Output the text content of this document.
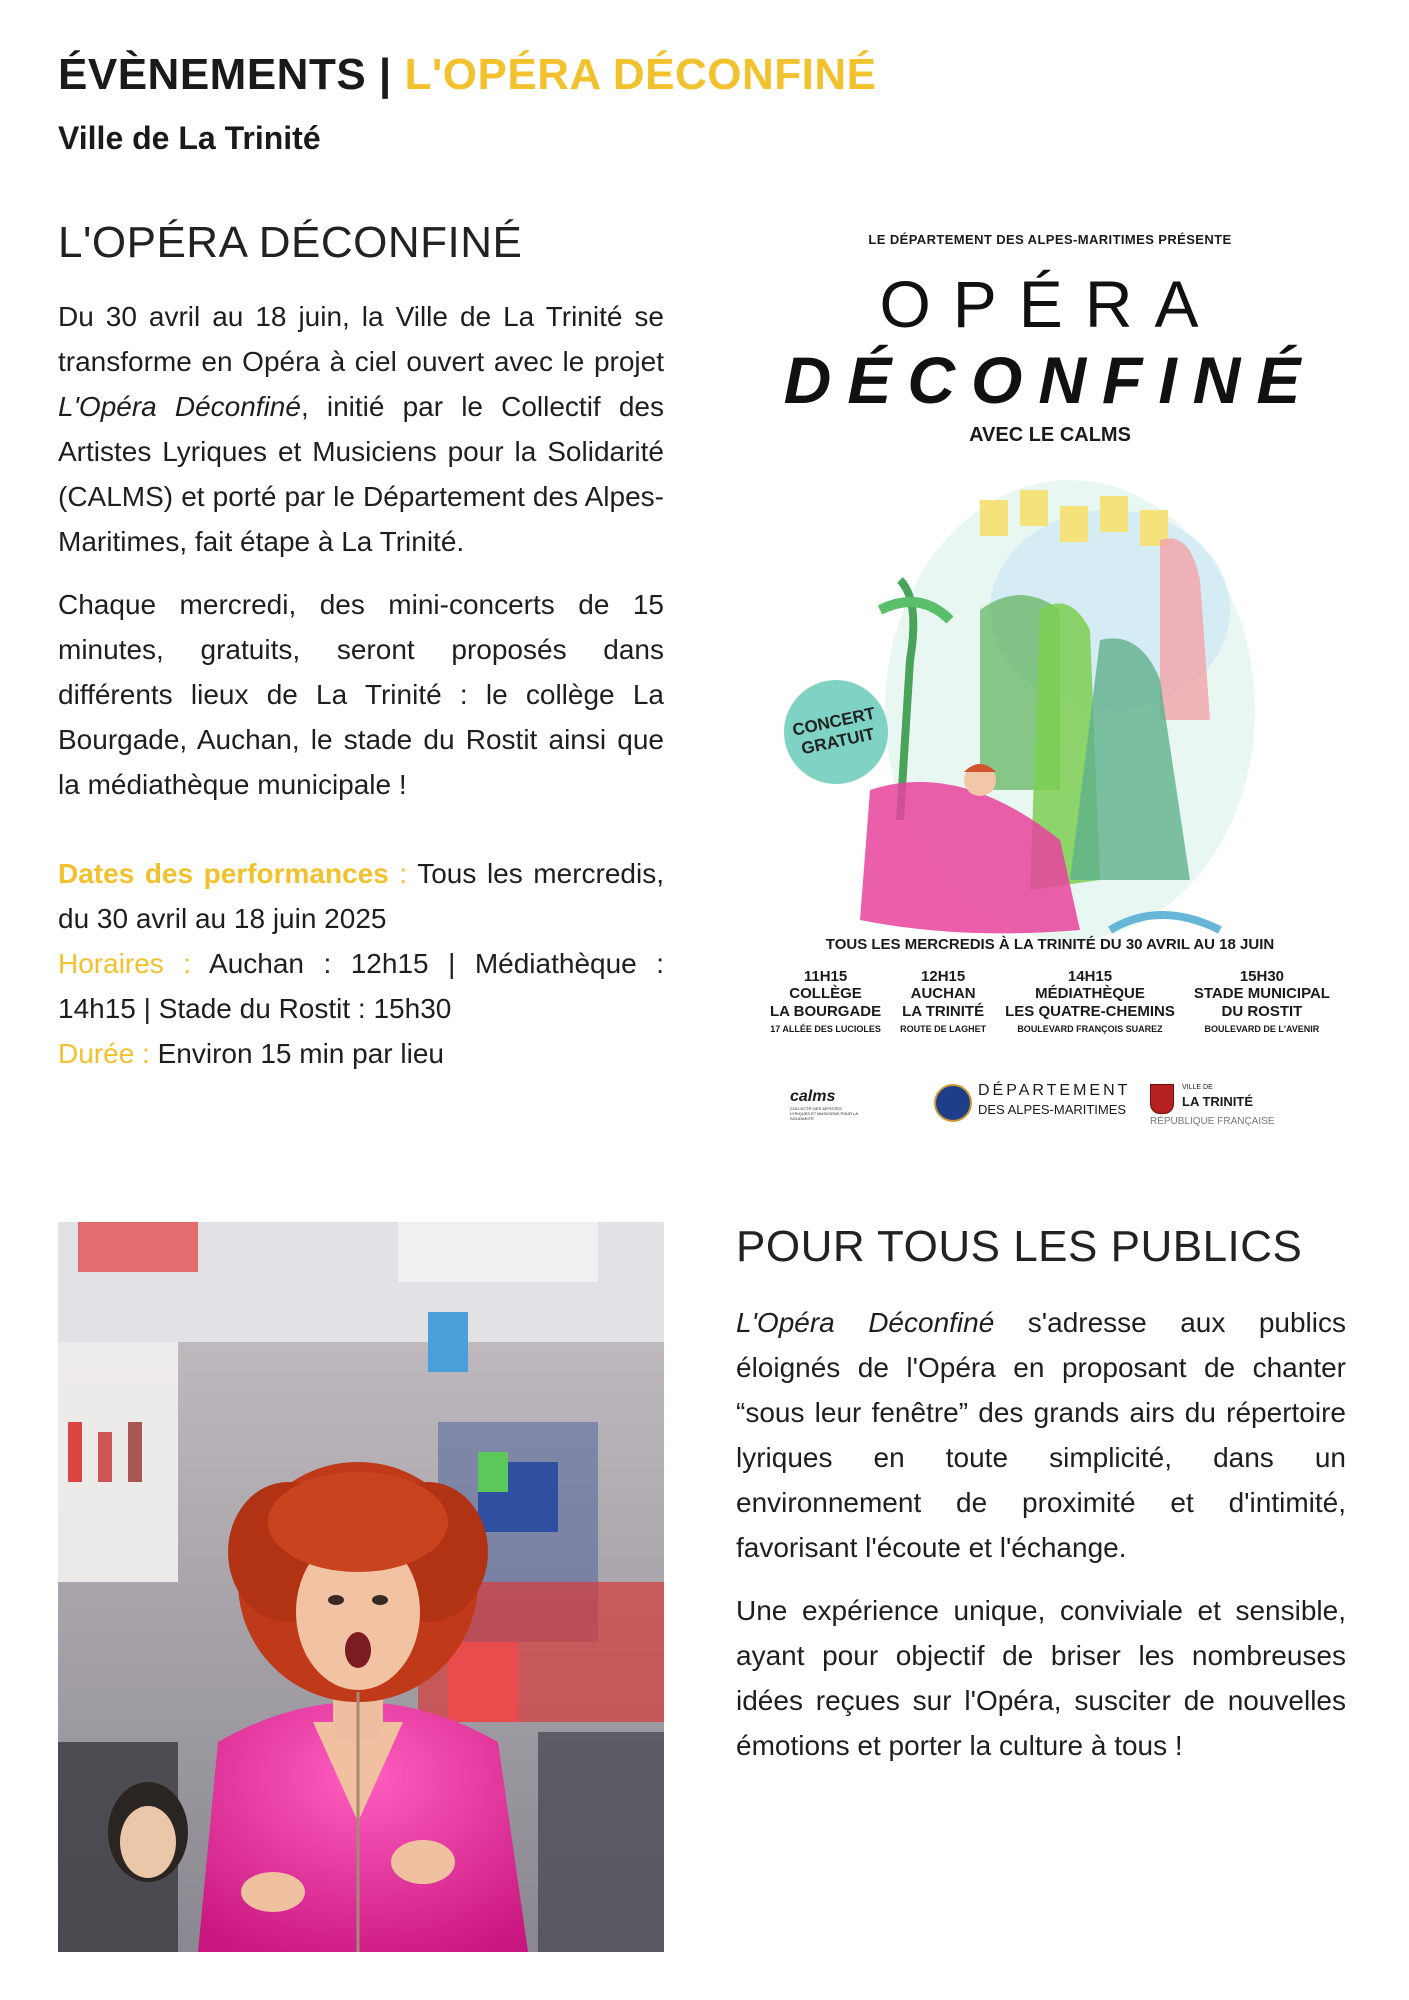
ÉVÈNEMENTS | L'OPÉRA DÉCONFINÉ
Ville de La Trinité
L'OPÉRA DÉCONFINÉ

Du 30 avril au 18 juin, la Ville de La Trinité se transforme en Opéra à ciel ouvert avec le projet L'Opéra Déconfiné, initié par le Collectif des Artistes Lyriques et Musiciens pour la Solidarité (CALMS) et porté par le Département des Alpes-Maritimes, fait étape à La Trinité.

Chaque mercredi, des mini-concerts de 15 minutes, gratuits, seront proposés dans différents lieux de La Trinité : le collège La Bourgade, Auchan, le stade du Rostit ainsi que la médiathèque municipale !

Dates des performances : Tous les mercredis, du 30 avril au 18 juin 2025
Horaires : Auchan : 12h15 | Médiathèque : 14h15 | Stade du Rostit : 15h30
Durée : Environ 15 min par lieu

LE DÉPARTEMENT DES ALPES-MARITIMES PRÉSENTE
OPÉRA
DÉCONFINÉ
AVEC LE CALMS
CONCERT
GRATUIT
TOUS LES MERCREDIS À LA TRINITÉ DU 30 AVRIL AU 18 JUIN
11H15
COLLÈGE
LA BOURGADE
17 ALLÉE DES LUCIOLES
12H15
AUCHAN
LA TRINITÉ
ROUTE DE LAGHET
14H15
MÉDIATHÈQUE
LES QUATRE-CHEMINS
BOULEVARD FRANÇOIS SUAREZ
15H30
STADE MUNICIPAL
DU ROSTIT
BOULEVARD DE L'AVENIR
calms
COLLECTIF DES ARTISTES LYRIQUES ET MUSICIENS POUR LA SOLIDARITÉ
DÉPARTEMENT
DES ALPES-MARITIMES
VILLE DE
LA TRINITÉ
RÉPUBLIQUE FRANÇAISE
POUR TOUS LES PUBLICS

L'Opéra Déconfiné s'adresse aux publics éloignés de l'Opéra en proposant de chanter “sous leur fenêtre” des grands airs du répertoire lyriques en toute simplicité, dans un environnement de proximité et d'intimité, favorisant l'écoute et l'échange.

Une expérience unique, conviviale et sensible, ayant pour objectif de briser les nombreuses idées reçues sur l'Opéra, susciter de nouvelles émotions et porter la culture à tous !
